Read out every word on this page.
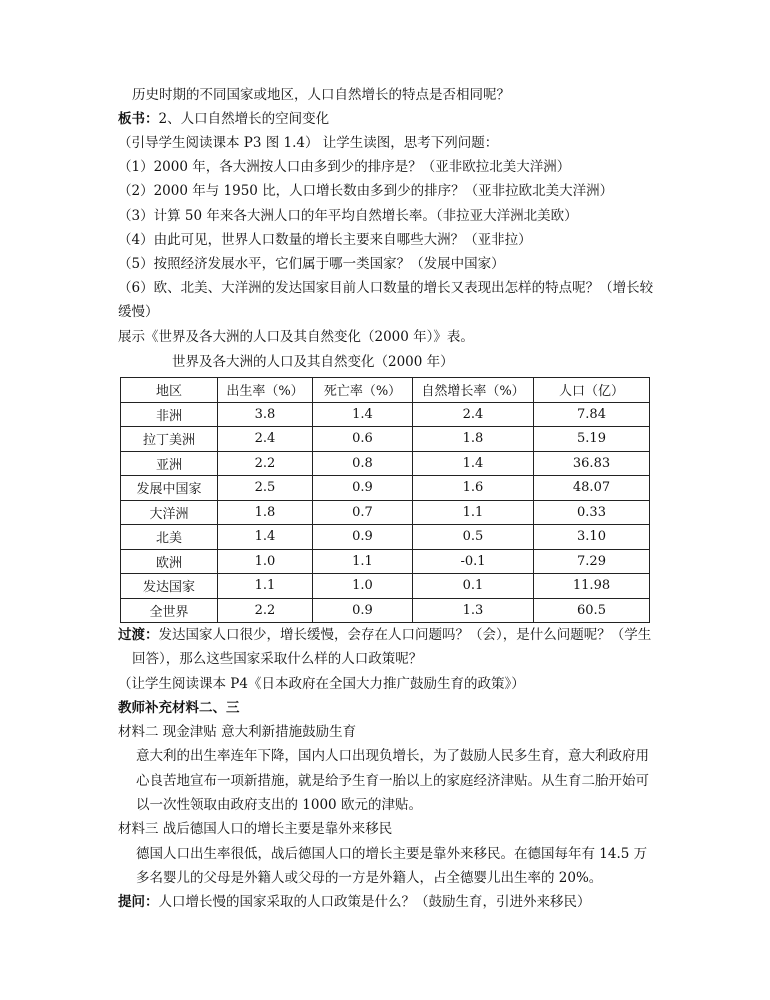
历史时期的不同国家或地区，人口自然增长的特点是否相同呢？
板书：2、人口自然增长的空间变化
（引导学生阅读课本 P3 图 1.4） 让学生读图，思考下列问题：
（1）2000 年，各大洲按人口由多到少的排序是？（亚非欧拉北美大洋洲）
（2）2000 年与 1950 比，人口增长数由多到少的排序？（亚非拉欧北美大洋洲）
（3）计算 50 年来各大洲人口的年平均自然增长率。（非拉亚大洋洲北美欧）
（4）由此可见，世界人口数量的增长主要来自哪些大洲？（亚非拉）
（5）按照经济发展水平，它们属于哪一类国家？（发展中国家）
（6）欧、北美、大洋洲的发达国家目前人口数量的增长又表现出怎样的特点呢？（增长较
缓慢）
展示《世界及各大洲的人口及其自然变化（2000 年）》表。
世界及各大洲的人口及其自然变化（2000 年）
地区	出生率（%）	死亡率（%）	自然增长率（%）	人口（亿）
非洲	3.8	1.4	2.4	7.84
拉丁美洲	2.4	0.6	1.8	5.19
亚洲	2.2	0.8	1.4	36.83
发展中国家	2.5	0.9	1.6	48.07
大洋洲	1.8	0.7	1.1	0.33
北美	1.4	0.9	0.5	3.10
欧洲	1.0	1.1	-0.1	7.29
发达国家	1.1	1.0	0.1	11.98
全世界	2.2	0.9	1.3	60.5
过渡：发达国家人口很少，增长缓慢，会存在人口问题吗？（会），是什么问题呢？（学生
回答），那么这些国家采取什么样的人口政策呢？
（让学生阅读课本 P4《日本政府在全国大力推广鼓励生育的政策》）
教师补充材料二、三
材料二 现金津贴 意大利新措施鼓励生育
意大利的出生率连年下降，国内人口出现负增长，为了鼓励人民多生育，意大利政府用
心良苦地宣布一项新措施，就是给予生育一胎以上的家庭经济津贴。从生育二胎开始可
以一次性领取由政府支出的 1000 欧元的津贴。
材料三 战后德国人口的增长主要是靠外来移民
德国人口出生率很低，战后德国人口的增长主要是靠外来移民。在德国每年有 14.5 万
多名婴儿的父母是外籍人或父母的一方是外籍人，占全德婴儿出生率的 20%。
提问：人口增长慢的国家采取的人口政策是什么？（鼓励生育，引进外来移民）
